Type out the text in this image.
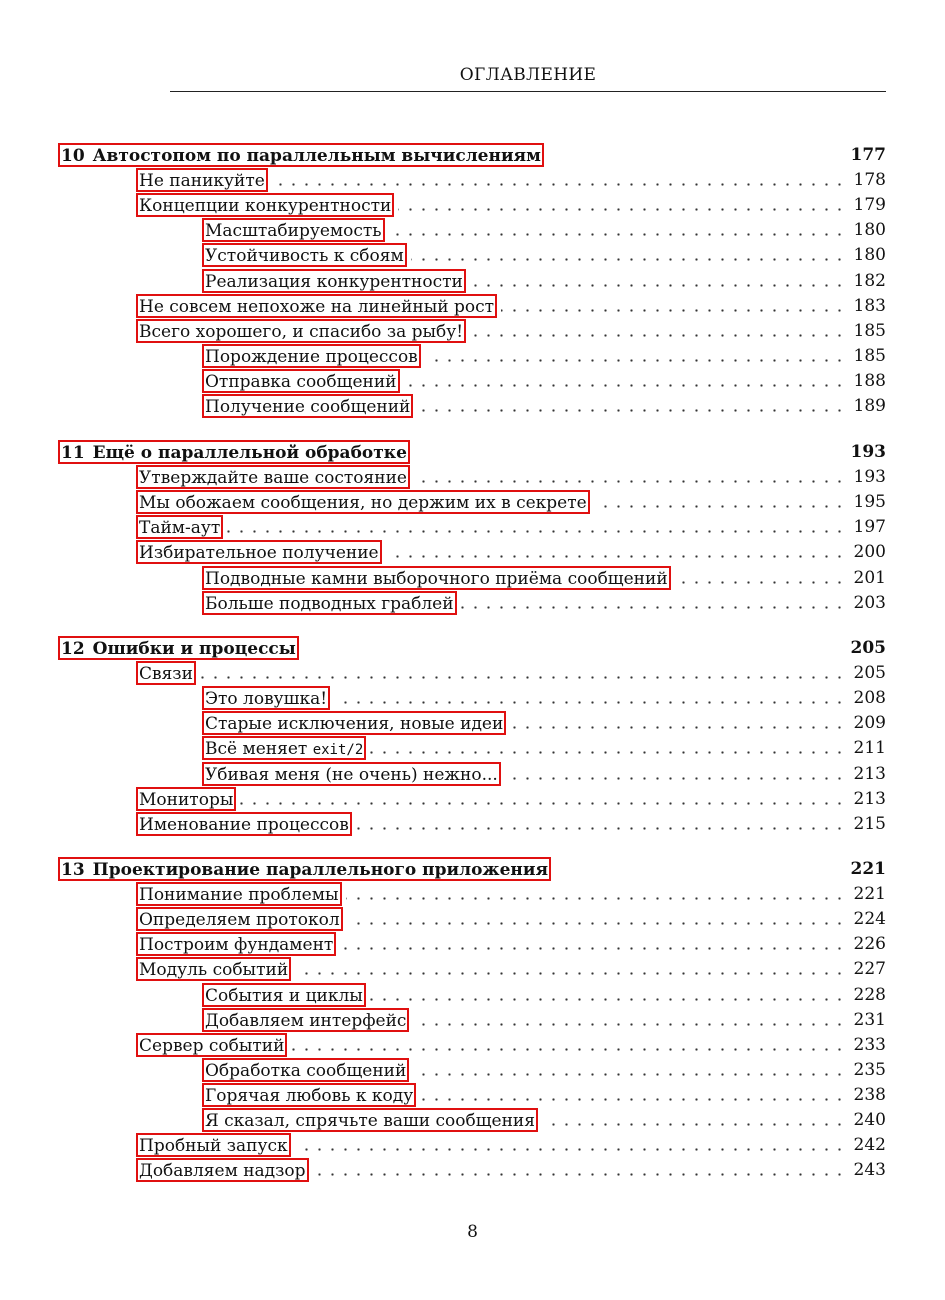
ОГЛАВЛЕНИЕ
10 Автостопом по параллельным вычислениям	177
Не паникуйте	178
Концепции конкурентности	179
Масштабируемость	180
Устойчивость к сбоям	180
Реализация конкурентности	182
Не совсем непохоже на линейный рост	183
Всего хорошего, и спасибо за рыбу!	185
Порождение процессов	185
Отправка сообщений	188
Получение сообщений	189
11 Ещё о параллельной обработке	193
Утверждайте ваше состояние	193
Мы обожаем сообщения, но держим их в секрете	195
Тайм-аут	197
Избирательное получение	200
Подводные камни выборочного приёма сообщений	201
Больше подводных граблей	203
12 Ошибки и процессы	205
Связи	205
Это ловушка!	208
Старые исключения, новые идеи	209
Всё меняет exit/2	211
Убивая меня (не очень) нежно...	213
Мониторы	213
Именование процессов	215
13 Проектирование параллельного приложения	221
Понимание проблемы	221
Определяем протокол	224
Построим фундамент	226
Модуль событий	227
События и циклы	228
Добавляем интерфейс	231
Сервер событий	233
Обработка сообщений	235
Горячая любовь к коду	238
Я сказал, спрячьте ваши сообщения	240
Пробный запуск	242
Добавляем надзор	243
8
